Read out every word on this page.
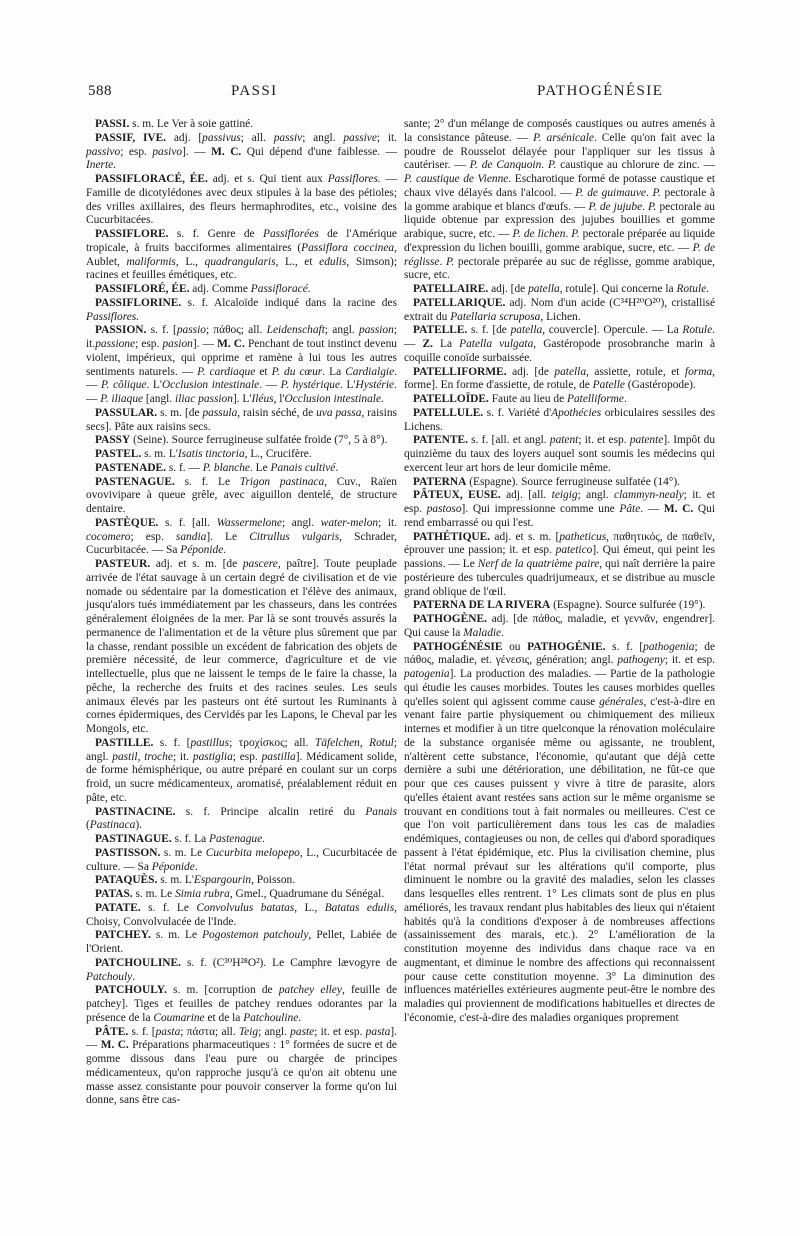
588	PASSI	PATHOGÉNÉSIE

PASSI. s. m. Le Ver à soie gattiné.

PASSIF, IVE. adj. [passivus; all. passiv; angl. passive; it. passivo; esp. pasivo]. — M. C. Qui dépend d'une faiblesse. — Inerte.

PASSIFLORACÉ, ÉE. adj. et s. Qui tient aux Passiflores. — Famille de dicotylédones avec deux stipules à la base des pétioles; des vrilles axillaires, des fleurs hermaphrodites, etc., voisine des Cucurbitacées.

PASSIFLORE. s. f. Genre de Passiflorées de l'Amérique tropicale, à fruits bacciformes alimentaires (Passiflora coccinea, Aublet, maliformis, L., quadrangularis, L., et edulis, Simson); racines et feuilles émétiques, etc.

PASSIFLORÉ, ÉE. adj. Comme Passifloracé.

PASSIFLORINE. s. f. Alcaloïde indiqué dans la racine des Passiflores.

PASSION. s. f. [passio; πάθος; all. Leidenschaft; angl. passion; it.passione; esp. pasion]. — M. C. Penchant de tout instinct devenu violent, impérieux, qui opprime et ramène à lui tous les autres sentiments naturels. — P. cardiaque et P. du cœur. La Cardialgie. — P. côlique. L'Occlusion intestinale. — P. hystérique. L'Hystérie. — P. iliaque [angl. iliac passion]. L'Iléus, l'Occlusion intestinale.

PASSULAR. s. m. [de passula, raisin séché, de uva passa, raisins secs]. Pâte aux raisins secs.

PASSY (Seine). Source ferrugineuse sulfatée froide (7°, 5 à 8°).

PASTEL. s. m. L'Isatis tinctoria, L., Crucifère.

PASTENADE. s. f. — P. blanche. Le Panais cultivé.

PASTENAGUE. s. f. Le Trigon pastinaca, Cuv., Raïen ovovivipare à queue grêle, avec aiguillon dentelé, de structure dentaire.

PASTÈQUE. s. f. [all. Wassermelone; angl. water-melon; it. cocomero; esp. sandia]. Le Citrullus vulgaris, Schrader, Cucurbitacée. — Sa Péponide.

PASTEUR. adj. et s. m. [de pascere, paître]. Toute peuplade arrivée de l'état sauvage à un certain degré de civilisation et de vie nomade ou sédentaire par la domestication et l'élève des animaux, jusqu'alors tués immédiatement par les chasseurs, dans les contrées généralement éloignées de la mer. Par là se sont trouvés assurés la permanence de l'alimentation et de la vêture plus sûrement que par la chasse, rendant possible un excédent de fabrication des objets de première nécessité, de leur commerce, d'agriculture et de vie intellectuelle, plus que ne laissent le temps de le faire la chasse, la pêche, la recherche des fruits et des racines seules. Les seuls animaux élevés par les pasteurs ont été surtout les Ruminants à cornes épidermiques, des Cervidés par les Lapons, le Cheval par les Mongols, etc.

PASTILLE. s. f. [pastillus; τροχίσκος; all. Täfelchen, Rotul; angl. pastil, troche; it. pastiglia; esp. pastilla]. Médicament solide, de forme hémisphérique, ou autre préparé en coulant sur un corps froid, un sucre médicamenteux, aromatisé, préalablement réduit en pâte, etc.

PASTINACINE. s. f. Principe alcalin retiré du Panais (Pastinaca).

PASTINAGUE. s. f. La Pastenague.

PASTISSON. s. m. Le Cucurbita melopepo, L., Cucurbitacée de culture. — Sa Péponide.

PATAQUÈS. s. m. L'Espargourin, Poisson.

PATAS. s. m. Le Simia rubra, Gmel., Quadrumane du Sénégal.

PATATE. s. f. Le Convolvulus batatas, L., Batatas edulis, Choisy, Convolvulacée de l'Inde.

PATCHEY. s. m. Le Pogostemon patchouly, Pellet, Labiée de l'Orient.

PATCHOULINE. s. f. (C³⁰H²⁸O²). Le Camphre lævogyre de Patchouly.

PATCHOULY. s. m. [corruption de patchey elley, feuille de patchey]. Tiges et feuilles de patchey rendues odorantes par la présence de la Coumarine et de la Patchouline.

PÂTE. s. f. [pasta; πάστα; all. Teig; angl. paste; it. et esp. pasta]. — M. C. Préparations pharmaceutiques : 1° formées de sucre et de gomme dissous dans l'eau pure ou chargée de principes médicamenteux, qu'on rapproche jusqu'à ce qu'on ait obtenu une masse assez consistante pour pouvoir conserver la forme qu'on lui donne, sans être cas-

sante; 2° d'un mélange de composés caustiques ou autres amenés à la consistance pâteuse. — P. arsénicale. Celle qu'on fait avec la poudre de Rousselot délayée pour l'appliquer sur les tissus à cautériser. — P. de Canquoin. P. caustique au chlorure de zinc. — P. caustique de Vienne. Escharotique formé de potasse caustique et chaux vive délayés dans l'alcool. — P. de guimauve. P. pectorale à la gomme arabique et blancs d'œufs. — P. de jujube. P. pectorale au liquide obtenue par expression des jujubes bouillies et gomme arabique, sucre, etc. — P. de lichen. P. pectorale préparée au liquide d'expression du lichen bouilli, gomme arabique, sucre, etc. — P. de réglisse. P. pectorale préparée au suc de réglisse, gomme arabique, sucre, etc.

PATELLAIRE. adj. [de patella, rotule]. Qui concerne la Rotule.

PATELLARIQUE. adj. Nom d'un acide (C³⁴H²⁰O²⁰), cristallisé extrait du Patellaria scruposa, Lichen.

PATELLE. s. f. [de patella, couvercle]. Opercule. — La Rotule. — Z. La Patella vulgata, Gastéropode prosobranche marin à coquille conoïde surbaissée.

PATELLIFORME. adj. [de patella, assiette, rotule, et forma, forme]. En forme d'assiette, de rotule, de Patelle (Gastéropode).

PATELLOÏDE. Faute au lieu de Patelliforme.

PATELLULE. s. f. Variété d'Apothécies orbiculaires sessiles des Lichens.

PATENTE. s. f. [all. et angl. patent; it. et esp. patente]. Impôt du quinzième du taux des loyers auquel sont soumis les médecins qui exercent leur art hors de leur domicile même.

PATERNA (Espagne). Source ferrugineuse sulfatée (14°).

PÂTEUX, EUSE. adj. [all. teigig; angl. clammyn-nealy; it. et esp. pastoso]. Qui impressionne comme une Pâte. — M. C. Qui rend embarrassé ou qui l'est.

PATHÉTIQUE. adj. et s. m. [patheticus, παθητικός, de παθεῖν, éprouver une passion; it. et esp. patetico]. Qui émeut, qui peint les passions. — Le Nerf de la quatrième paire, qui naît derrière la paire postérieure des tubercules quadrijumeaux, et se distribue au muscle grand oblique de l'œil.

PATERNA DE LA RIVERA (Espagne). Source sulfurée (19°).

PATHOGÈNE. adj. [de πάθος, maladie, et γεννᾶν, engendrer]. Qui cause la Maladie.

PATHOGÉNÉSIE ou PATHOGÉNIE. s. f. [pathogenia; de πάθος, maladie, et. γένεσις, génération; angl. pathogeny; it. et esp. patogenia]. La production des maladies. — Partie de la pathologie qui étudie les causes morbides. Toutes les causes morbides quelles qu'elles soient qui agissent comme cause générales, c'est-à-dire en venant faire partie physiquement ou chimiquement des milieux internes et modifier à un titre quelconque la rénovation moléculaire de la substance organisée même ou agissante, ne troublent, n'altèrent cette substance, l'économie, qu'autant que déjà cette dernière a subi une détérioration, une débilitation, ne fût-ce que pour que ces causes puissent y vivre à titre de parasite, alors qu'elles étaient avant restées sans action sur le même organisme se trouvant en conditions tout à fait normales ou meilleures. C'est ce que l'on voit particulièrement dans tous les cas de maladies endémiques, contagieuses ou non, de celles qui d'abord sporadiques passent à l'état épidémique, etc. Plus la civilisation chemine, plus l'état normal prévaut sur les altérations qu'il comporte, plus diminuent le nombre ou la gravité des maladies, selon les classes dans lesquelles elles rentrent. 1° Les climats sont de plus en plus améliorés, les travaux rendant plus habitables des lieux qui n'étaient habités qu'à la conditions d'exposer à de nombreuses affections (assainissement des marais, etc.). 2° L'amélioration de la constitution moyenne des individus dans chaque race va en augmentant, et diminue le nombre des affections qui reconnaissent pour cause cette constitution moyenne. 3° La diminution des influences matérielles extérieures augmente peut-être le nombre des maladies qui proviennent de modifications habituelles et directes de l'économie, c'est-à-dire des maladies organiques proprement
